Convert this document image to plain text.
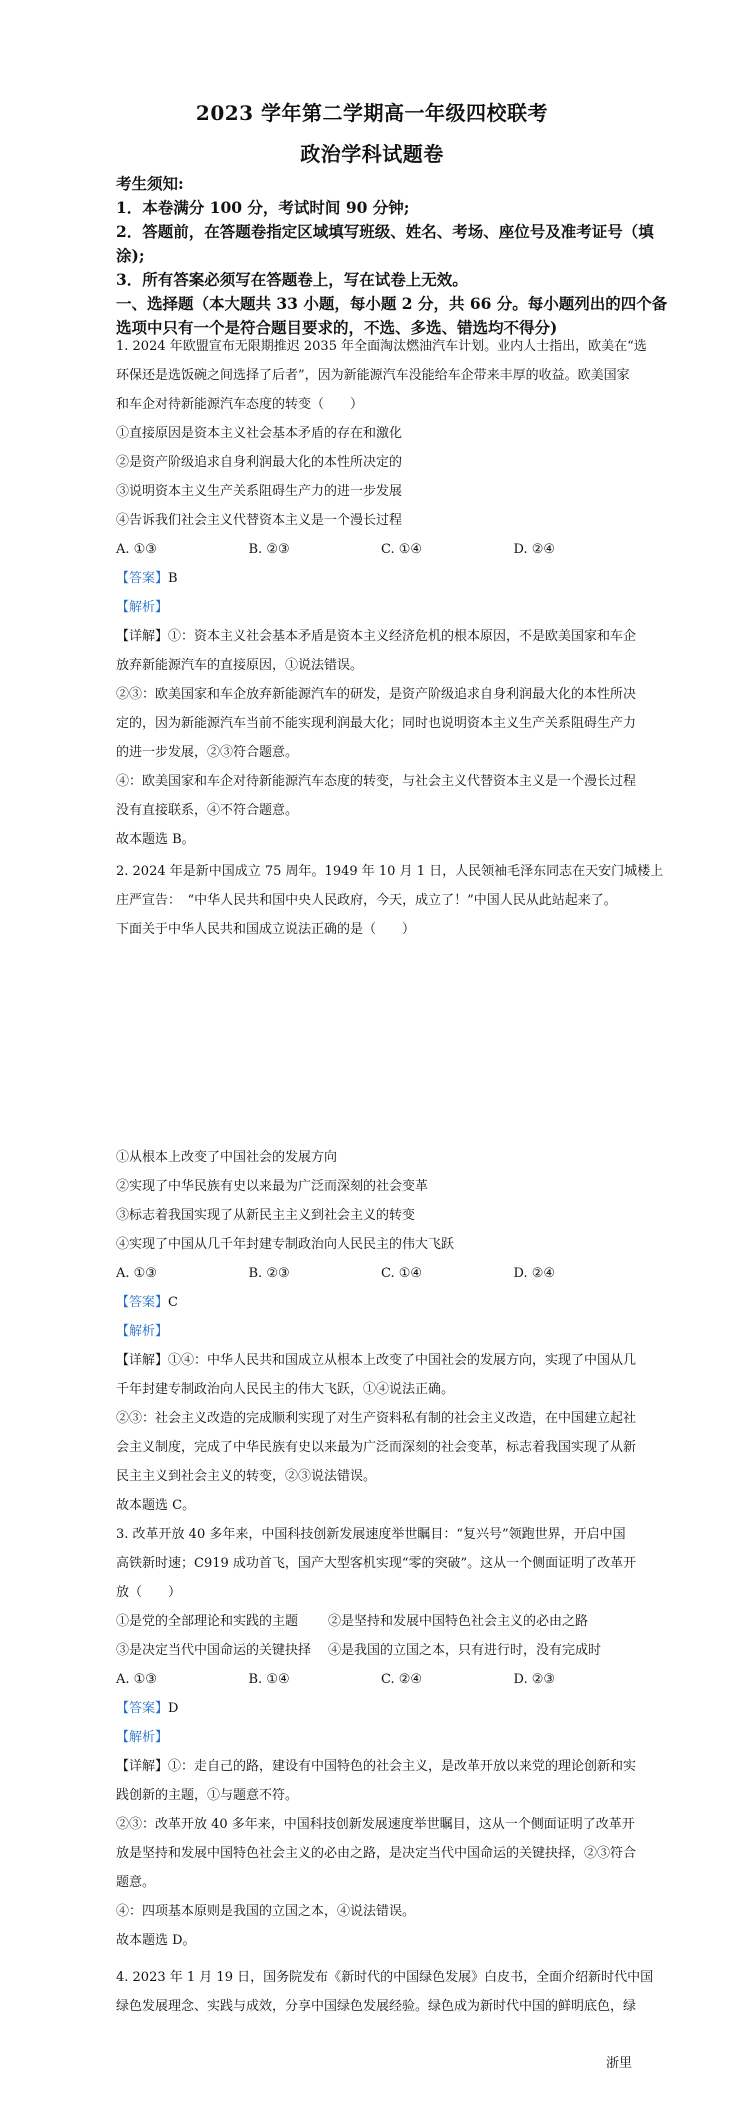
2023 学年第二学期高一年级四校联考
政治学科试题卷
考生须知:
1．本卷满分 100 分，考试时间 90 分钟;
2．答题前，在答题卷指定区域填写班级、姓名、考场、座位号及准考证号（填
涂);
3．所有答案必须写在答题卷上，写在试卷上无效。
一、选择题（本大题共 33 小题，每小题 2 分，共 66 分。每小题列出的四个备
选项中只有一个是符合题目要求的，不选、多选、错选均不得分)
1. 2024 年欧盟宣布无限期推迟 2035 年全面淘汰燃油汽车计划。业内人士指出，欧美在“选
环保还是选饭碗之间选择了后者”，因为新能源汽车没能给车企带来丰厚的收益。欧美国家
和车企对待新能源汽车态度的转变（　　）
①直接原因是资本主义社会基本矛盾的存在和激化
②是资产阶级追求自身利润最大化的本性所决定的
③说明资本主义生产关系阻碍生产力的进一步发展
④告诉我们社会主义代替资本主义是一个漫长过程
A. ①③	B. ②③	C. ①④	D. ②④
【答案】B
【解析】
【详解】①：资本主义社会基本矛盾是资本主义经济危机的根本原因，不是欧美国家和车企
放弃新能源汽车的直接原因，①说法错误。
②③：欧美国家和车企放弃新能源汽车的研发，是资产阶级追求自身利润最大化的本性所决
定的，因为新能源汽车当前不能实现利润最大化；同时也说明资本主义生产关系阻碍生产力
的进一步发展，②③符合题意。
④：欧美国家和车企对待新能源汽车态度的转变，与社会主义代替资本主义是一个漫长过程
没有直接联系，④不符合题意。
故本题选 B。
2. 2024 年是新中国成立 75 周年。1949 年 10 月 1 日，人民领袖毛泽东同志在天安门城楼上
庄严宣告：　“中华人民共和国中央人民政府，今天，成立了！”中国人民从此站起来了。
下面关于中华人民共和国成立说法正确的是（　　）
①从根本上改变了中国社会的发展方向
②实现了中华民族有史以来最为广泛而深刻的社会变革
③标志着我国实现了从新民主主义到社会主义的转变
④实现了中国从几千年封建专制政治向人民民主的伟大飞跃
A. ①③	B. ②③	C. ①④	D. ②④
【答案】C
【解析】
【详解】①④：中华人民共和国成立从根本上改变了中国社会的发展方向，实现了中国从几
千年封建专制政治向人民民主的伟大飞跃，①④说法正确。
②③：社会主义改造的完成顺利实现了对生产资料私有制的社会主义改造，在中国建立起社
会主义制度，完成了中华民族有史以来最为广泛而深刻的社会变革，标志着我国实现了从新
民主主义到社会主义的转变，②③说法错误。
故本题选 C。
3. 改革开放 40 多年来，中国科技创新发展速度举世瞩目：“复兴号”领跑世界，开启中国
高铁新时速；C919 成功首飞，国产大型客机实现“零的突破”。这从一个侧面证明了改革开
放（　　）
①是党的全部理论和实践的主题	②是坚持和发展中国特色社会主义的必由之路
③是决定当代中国命运的关键抉择	④是我国的立国之本，只有进行时，没有完成时
A. ①③	B. ①④	C. ②④	D. ②③
【答案】D
【解析】
【详解】①：走自己的路，建设有中国特色的社会主义，是改革开放以来党的理论创新和实
践创新的主题，①与题意不符。
②③：改革开放 40 多年来，中国科技创新发展速度举世瞩目，这从一个侧面证明了改革开
放是坚持和发展中国特色社会主义的必由之路，是决定当代中国命运的关键抉择，②③符合
题意。
④：四项基本原则是我国的立国之本，④说法错误。
故本题选 D。
4. 2023 年 1 月 19 日，国务院发布《新时代的中国绿色发展》白皮书，全面介绍新时代中国
绿色发展理念、实践与成效，分享中国绿色发展经验。绿色成为新时代中国的鲜明底色，绿
浙里
